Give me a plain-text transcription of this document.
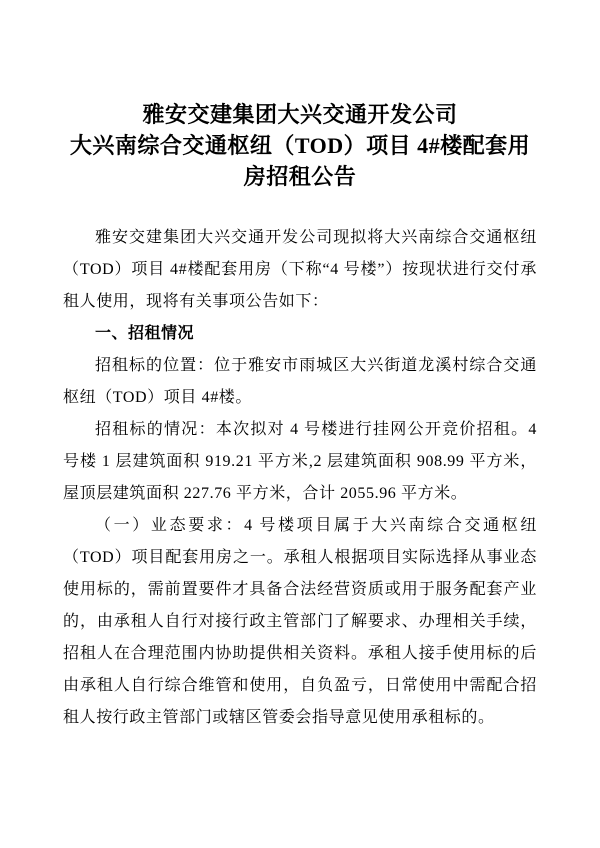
雅安交建集团大兴交通开发公司
大兴南综合交通枢纽（TOD）项目 4#楼配套用房招租公告

雅安交建集团大兴交通开发公司现拟将大兴南综合交通枢纽（TOD）项目 4#楼配套用房（下称“4 号楼”）按现状进行交付承租人使用，现将有关事项公告如下：

一、招租情况

招租标的位置：位于雅安市雨城区大兴街道龙溪村综合交通枢纽（TOD）项目 4#楼。

招租标的情况：本次拟对 4 号楼进行挂网公开竞价招租。4 号楼 1 层建筑面积 919.21 平方米,2 层建筑面积 908.99 平方米，屋顶层建筑面积 227.76 平方米，合计 2055.96 平方米。

（一）业态要求：4 号楼项目属于大兴南综合交通枢纽（TOD）项目配套用房之一。承租人根据项目实际选择从事业态使用标的，需前置要件才具备合法经营资质或用于服务配套产业的，由承租人自行对接行政主管部门了解要求、办理相关手续，招租人在合理范围内协助提供相关资料。承租人接手使用标的后由承租人自行综合维管和使用，自负盈亏，日常使用中需配合招租人按行政主管部门或辖区管委会指导意见使用承租标的。
